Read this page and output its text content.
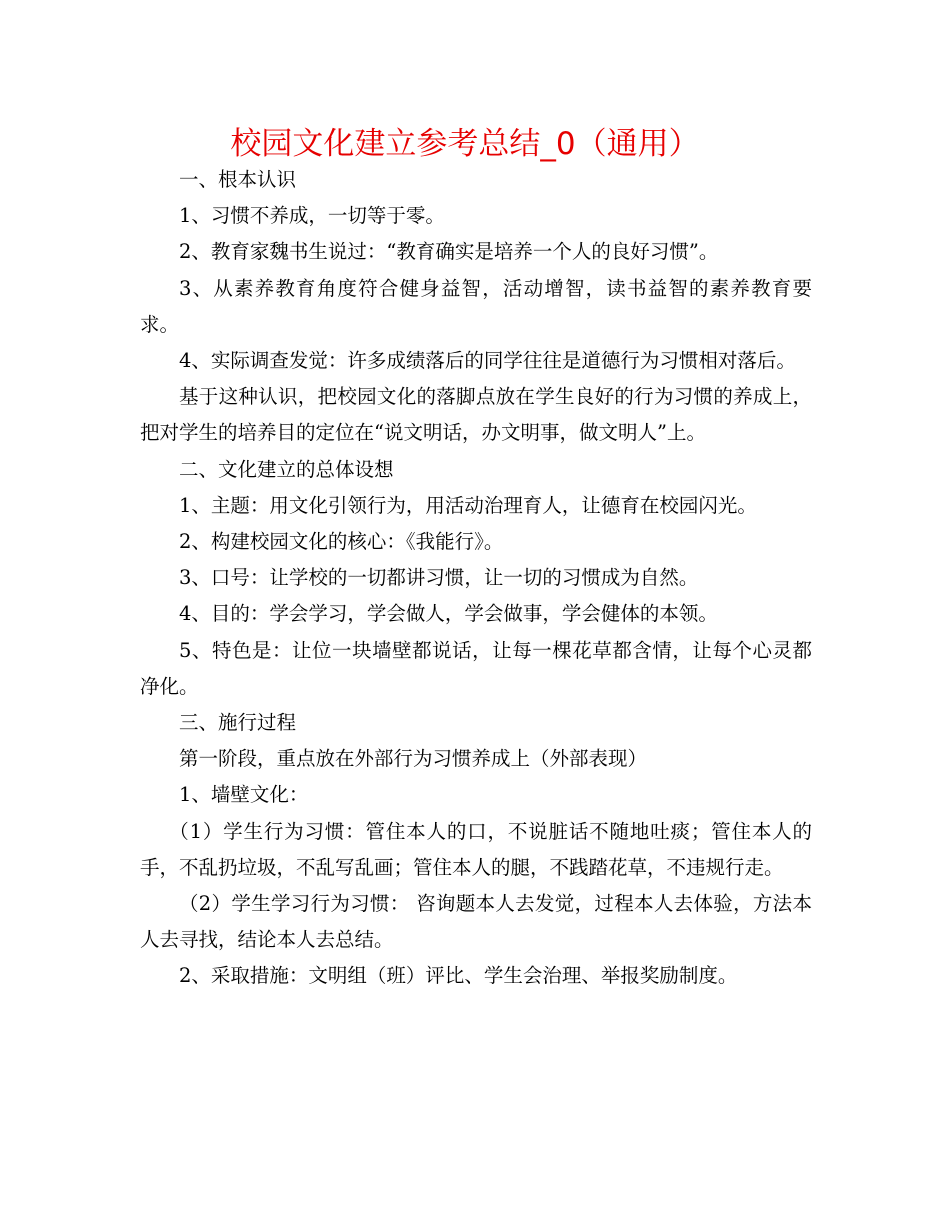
校园文化建立参考总结_0（通用）

一、根本认识

1、习惯不养成，一切等于零。

2、教育家魏书生说过：“教育确实是培养一个人的良好习惯”。

3、从素养教育角度符合健身益智，活动增智，读书益智的素养教育要求。

4、实际调查发觉：许多成绩落后的同学往往是道德行为习惯相对落后。

基于这种认识，把校园文化的落脚点放在学生良好的行为习惯的养成上，把对学生的培养目的定位在“说文明话，办文明事，做文明人”上。

二、文化建立的总体设想

1、主题：用文化引领行为，用活动治理育人，让德育在校园闪光。

2、构建校园文化的核心：《我能行》。

3、口号：让学校的一切都讲习惯，让一切的习惯成为自然。

4、目的：学会学习，学会做人，学会做事，学会健体的本领。

5、特色是：让位一块墙壁都说话，让每一棵花草都含情，让每个心灵都净化。

三、施行过程

第一阶段，重点放在外部行为习惯养成上（外部表现）

1、墙壁文化：

（1）学生行为习惯：管住本人的口，不说脏话不随地吐痰；管住本人的手，不乱扔垃圾，不乱写乱画；管住本人的腿，不践踏花草，不违规行走。

（2）学生学习行为习惯： 咨询题本人去发觉，过程本人去体验，方法本人去寻找，结论本人去总结。

2、采取措施：文明组（班）评比、学生会治理、举报奖励制度。
